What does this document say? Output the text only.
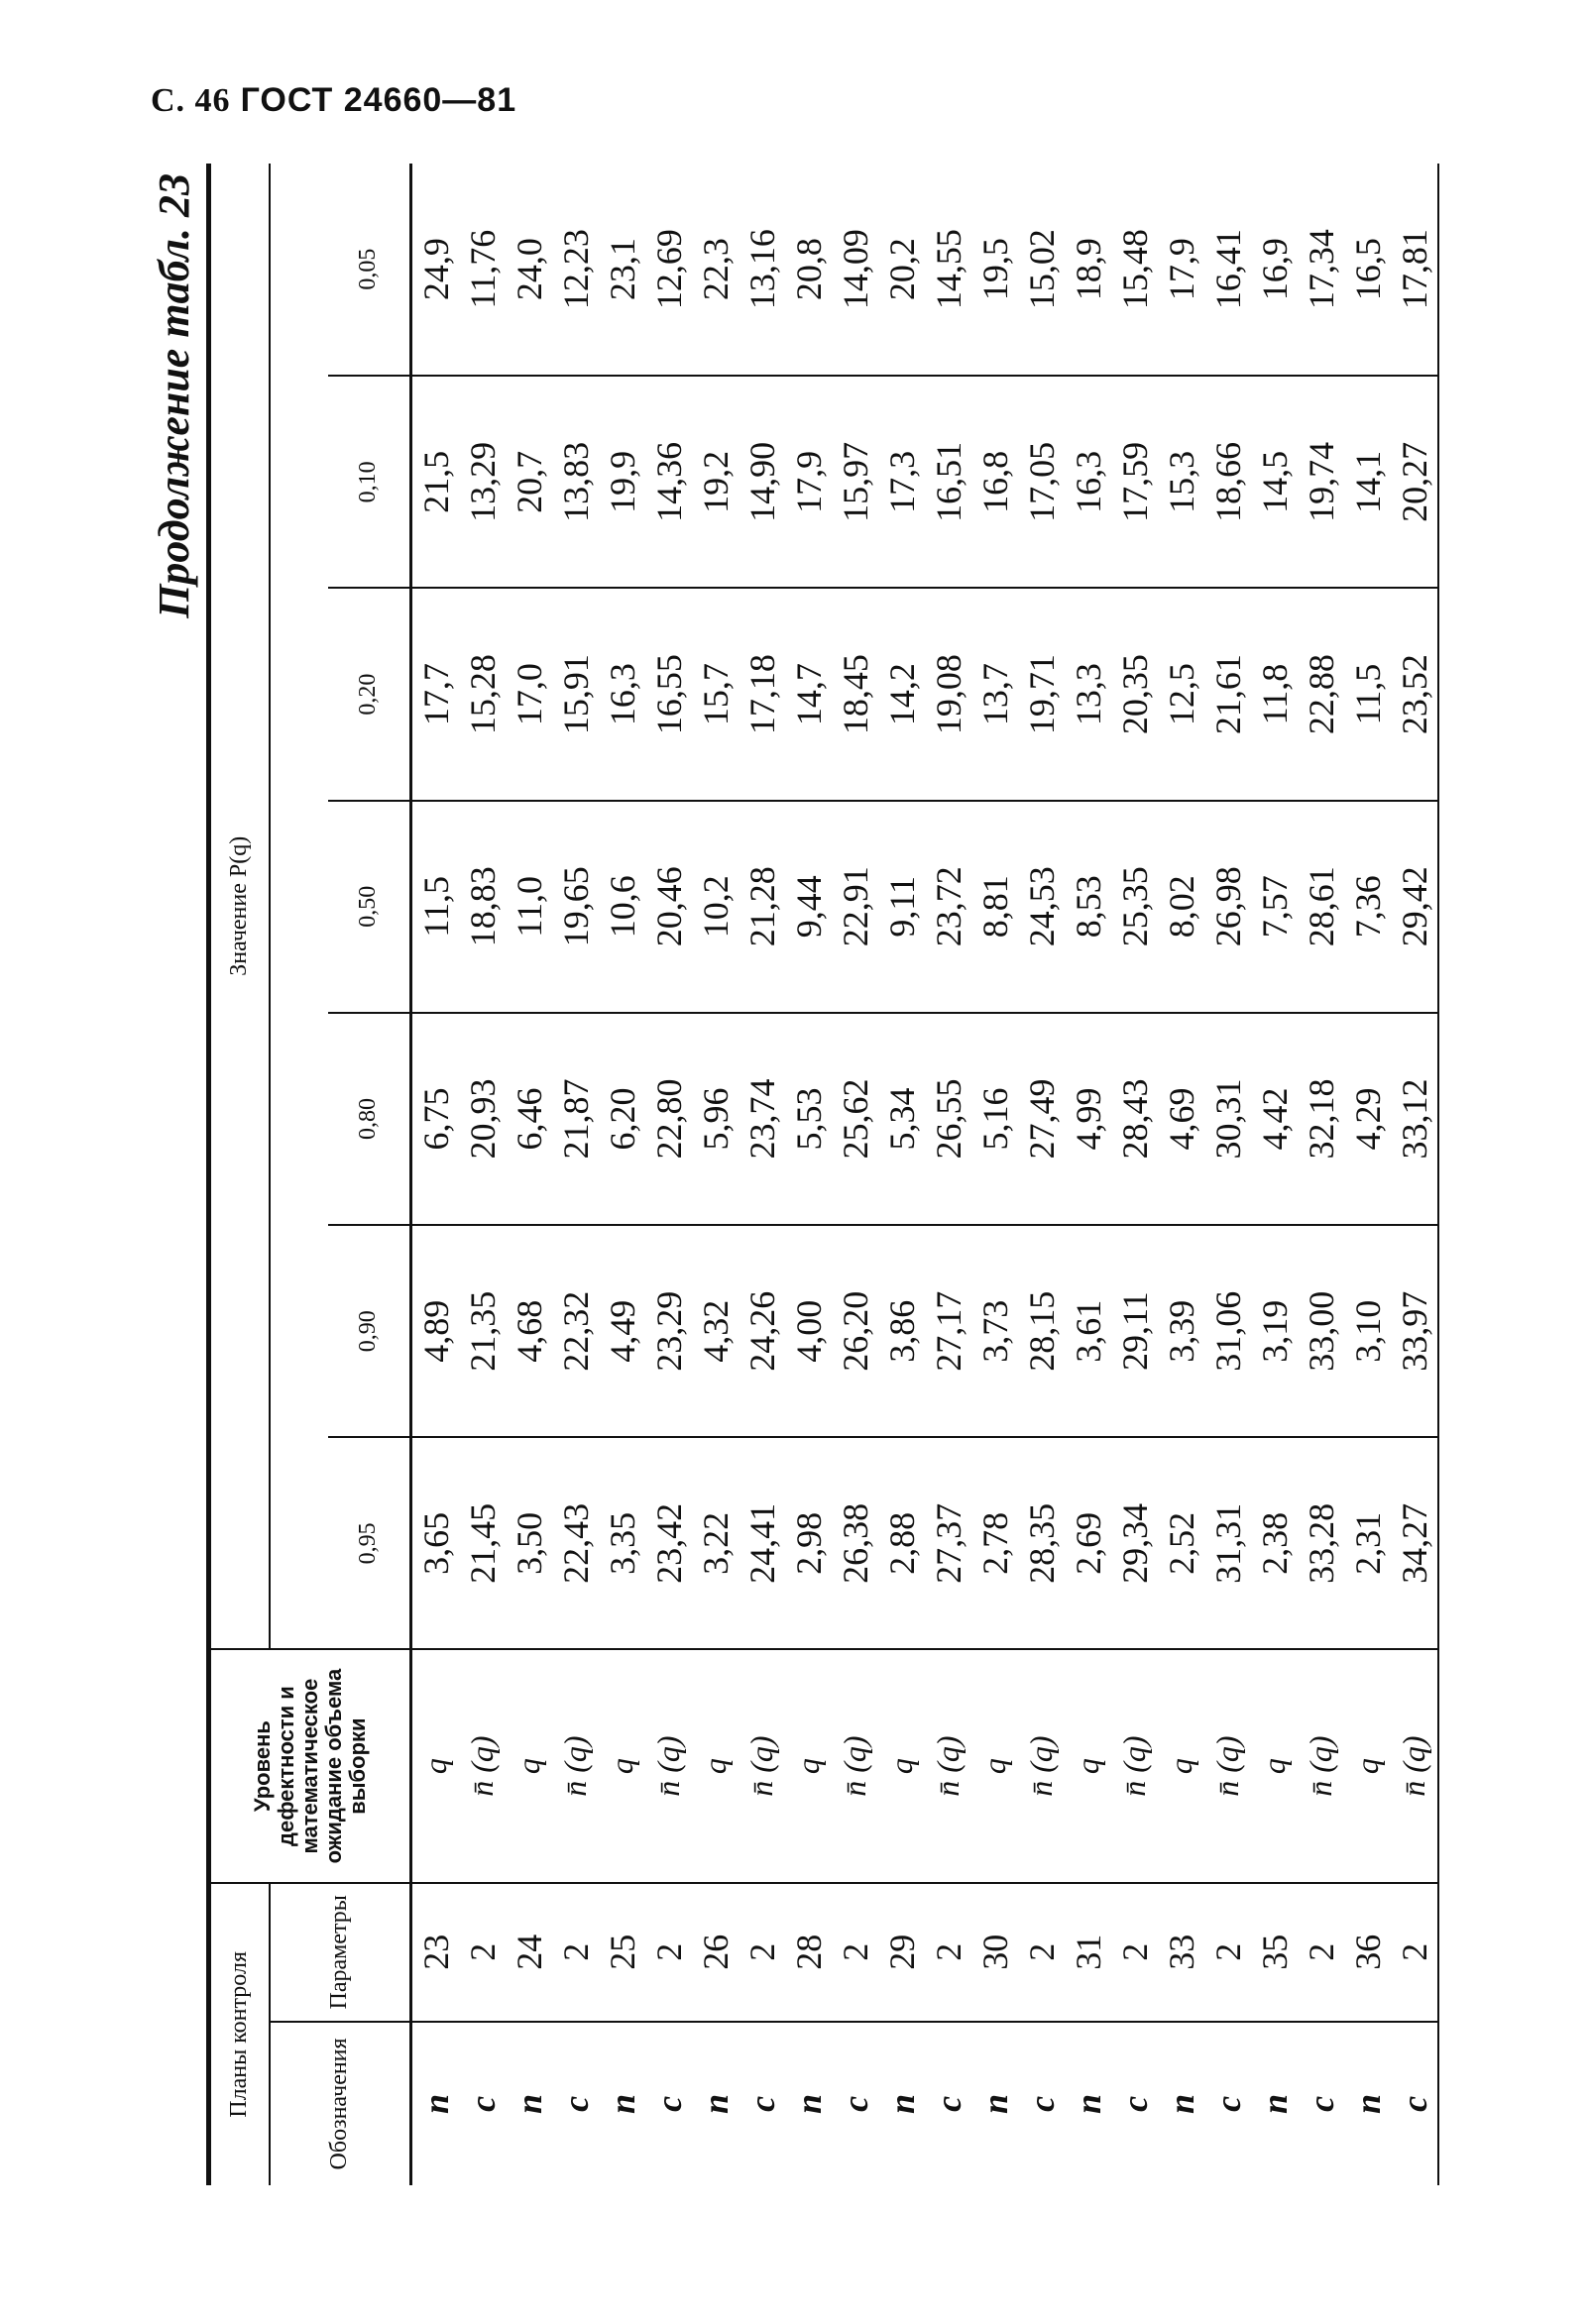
С. 46 ГОСТ 24660—81
Продолжение табл. 23
Планы контроля		Уровень дефектности и математическое ожидание объема выборки	Значение P(q)						
Обозначения	Параметры								
			0,95	0,90	0,80	0,50	0,20	0,10	0,05
n	23	q	3,65	4,89	6,75	11,5	17,7	21,5	24,9
c	2	n̄ (q)	21,45	21,35	20,93	18,83	15,28	13,29	11,76
n	24	q	3,50	4,68	6,46	11,0	17,0	20,7	24,0
c	2	n̄ (q)	22,43	22,32	21,87	19,65	15,91	13,83	12,23
n	25	q	3,35	4,49	6,20	10,6	16,3	19,9	23,1
c	2	n̄ (q)	23,42	23,29	22,80	20,46	16,55	14,36	12,69
n	26	q	3,22	4,32	5,96	10,2	15,7	19,2	22,3
c	2	n̄ (q)	24,41	24,26	23,74	21,28	17,18	14,90	13,16
n	28	q	2,98	4,00	5,53	9,44	14,7	17,9	20,8
c	2	n̄ (q)	26,38	26,20	25,62	22,91	18,45	15,97	14,09
n	29	q	2,88	3,86	5,34	9,11	14,2	17,3	20,2
c	2	n̄ (q)	27,37	27,17	26,55	23,72	19,08	16,51	14,55
n	30	q	2,78	3,73	5,16	8,81	13,7	16,8	19,5
c	2	n̄ (q)	28,35	28,15	27,49	24,53	19,71	17,05	15,02
n	31	q	2,69	3,61	4,99	8,53	13,3	16,3	18,9
c	2	n̄ (q)	29,34	29,11	28,43	25,35	20,35	17,59	15,48
n	33	q	2,52	3,39	4,69	8,02	12,5	15,3	17,9
c	2	n̄ (q)	31,31	31,06	30,31	26,98	21,61	18,66	16,41
n	35	q	2,38	3,19	4,42	7,57	11,8	14,5	16,9
c	2	n̄ (q)	33,28	33,00	32,18	28,61	22,88	19,74	17,34
n	36	q	2,31	3,10	4,29	7,36	11,5	14,1	16,5
c	2	n̄ (q)	34,27	33,97	33,12	29,42	23,52	20,27	17,81
